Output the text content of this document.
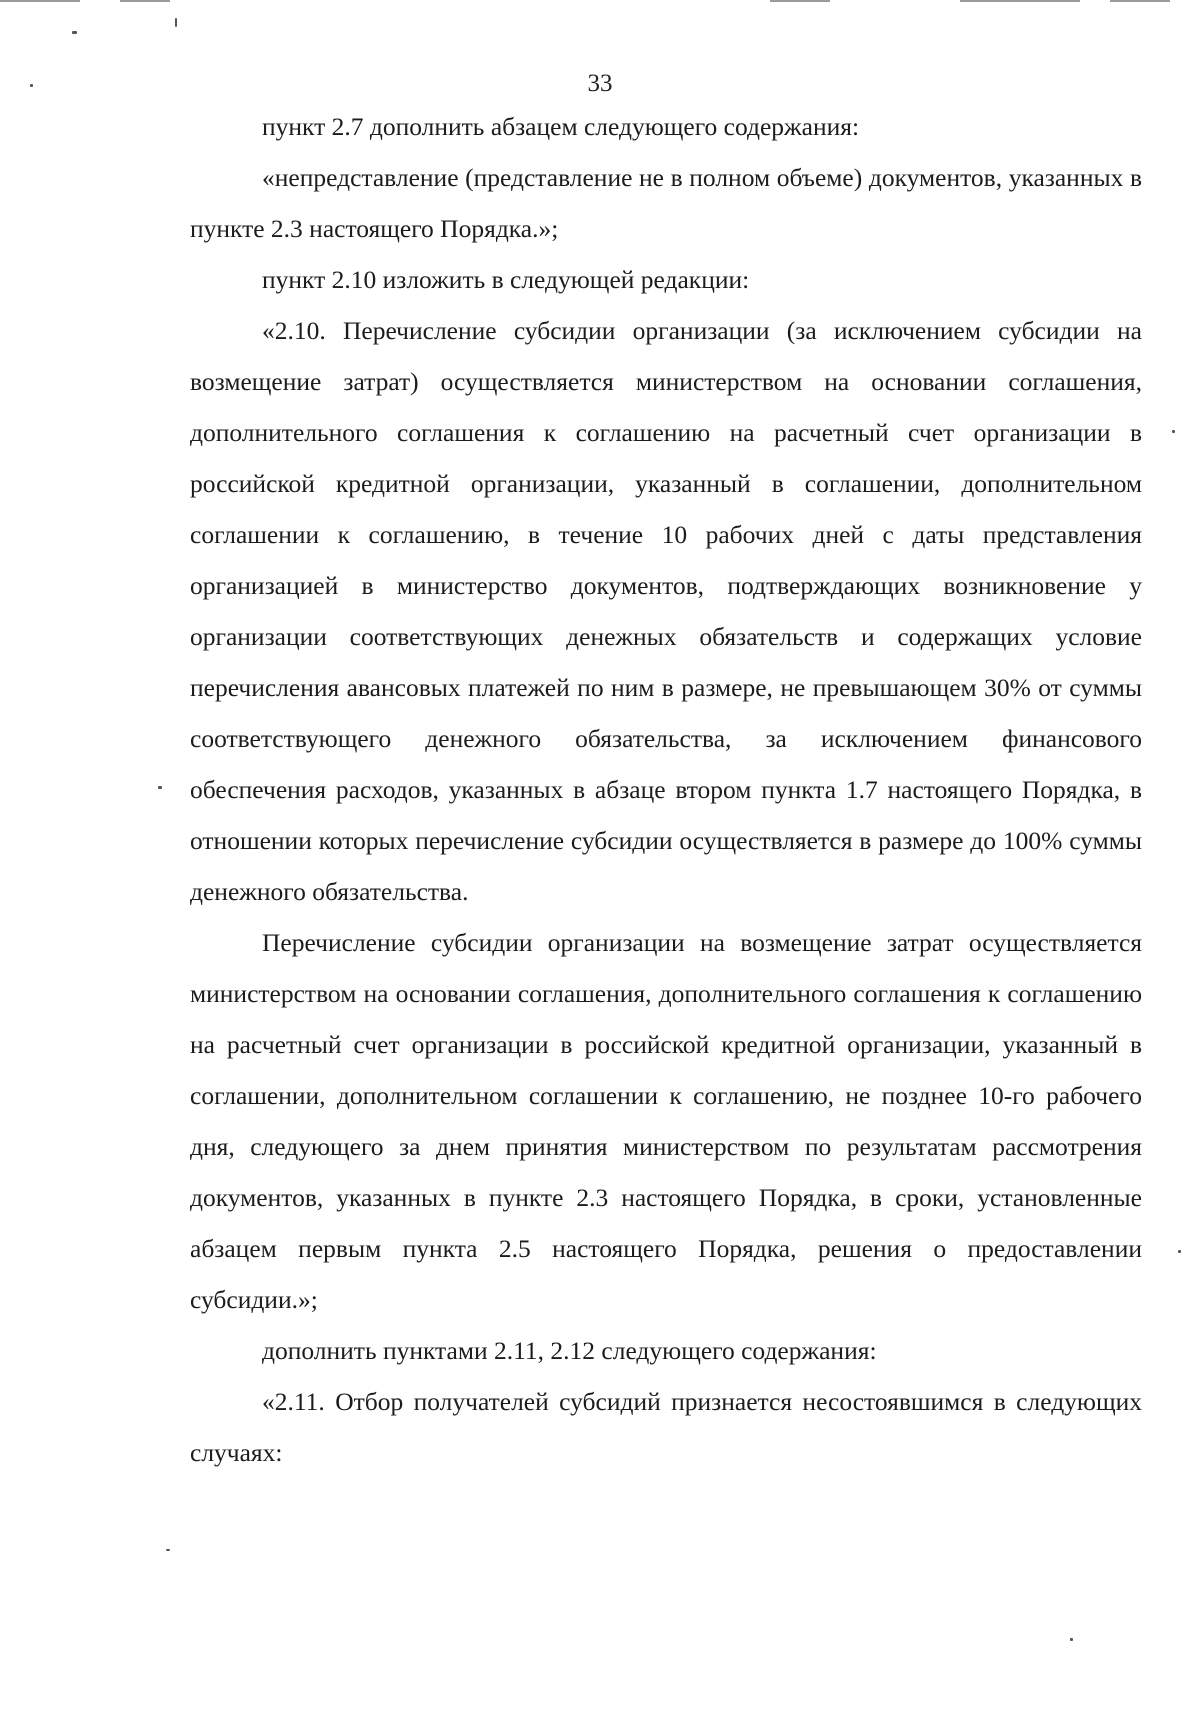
33

пункт 2.7 дополнить абзацем следующего содержания:

«непредставление (представление не в полном объеме) документов, указанных в пункте 2.3 настоящего Порядка.»;

пункт 2.10 изложить в следующей редакции:

«2.10. Перечисление субсидии организации (за исключением субсидии на возмещение затрат) осуществляется министерством на основании соглашения, дополнительного соглашения к соглашению на расчетный счет организации в российской кредитной организации, указанный в соглашении, дополнительном соглашении к соглашению, в течение 10 рабочих дней с даты представления организацией в министерство документов, подтверждающих возникновение у организации соответствующих денежных обязательств и содержащих условие перечисления авансовых платежей по ним в размере, не превышающем 30% от суммы соответствующего денежного обязательства, за исключением финансового обеспечения расходов, указанных в абзаце втором пункта 1.7 настоящего Порядка, в отношении которых перечисление субсидии осуществляется в размере до 100% суммы денежного обязательства.

Перечисление субсидии организации на возмещение затрат осуществляется министерством на основании соглашения, дополнительного соглашения к соглашению на расчетный счет организации в российской кредитной организации, указанный в соглашении, дополнительном соглашении к соглашению, не позднее 10-го рабочего дня, следующего за днем принятия министерством по результатам рассмотрения документов, указанных в пункте 2.3 настоящего Порядка, в сроки, установленные абзацем первым пункта 2.5 настоящего Порядка, решения о предоставлении субсидии.»;

дополнить пунктами 2.11, 2.12 следующего содержания:

«2.11. Отбор получателей субсидий признается несостоявшимся в следующих случаях:
